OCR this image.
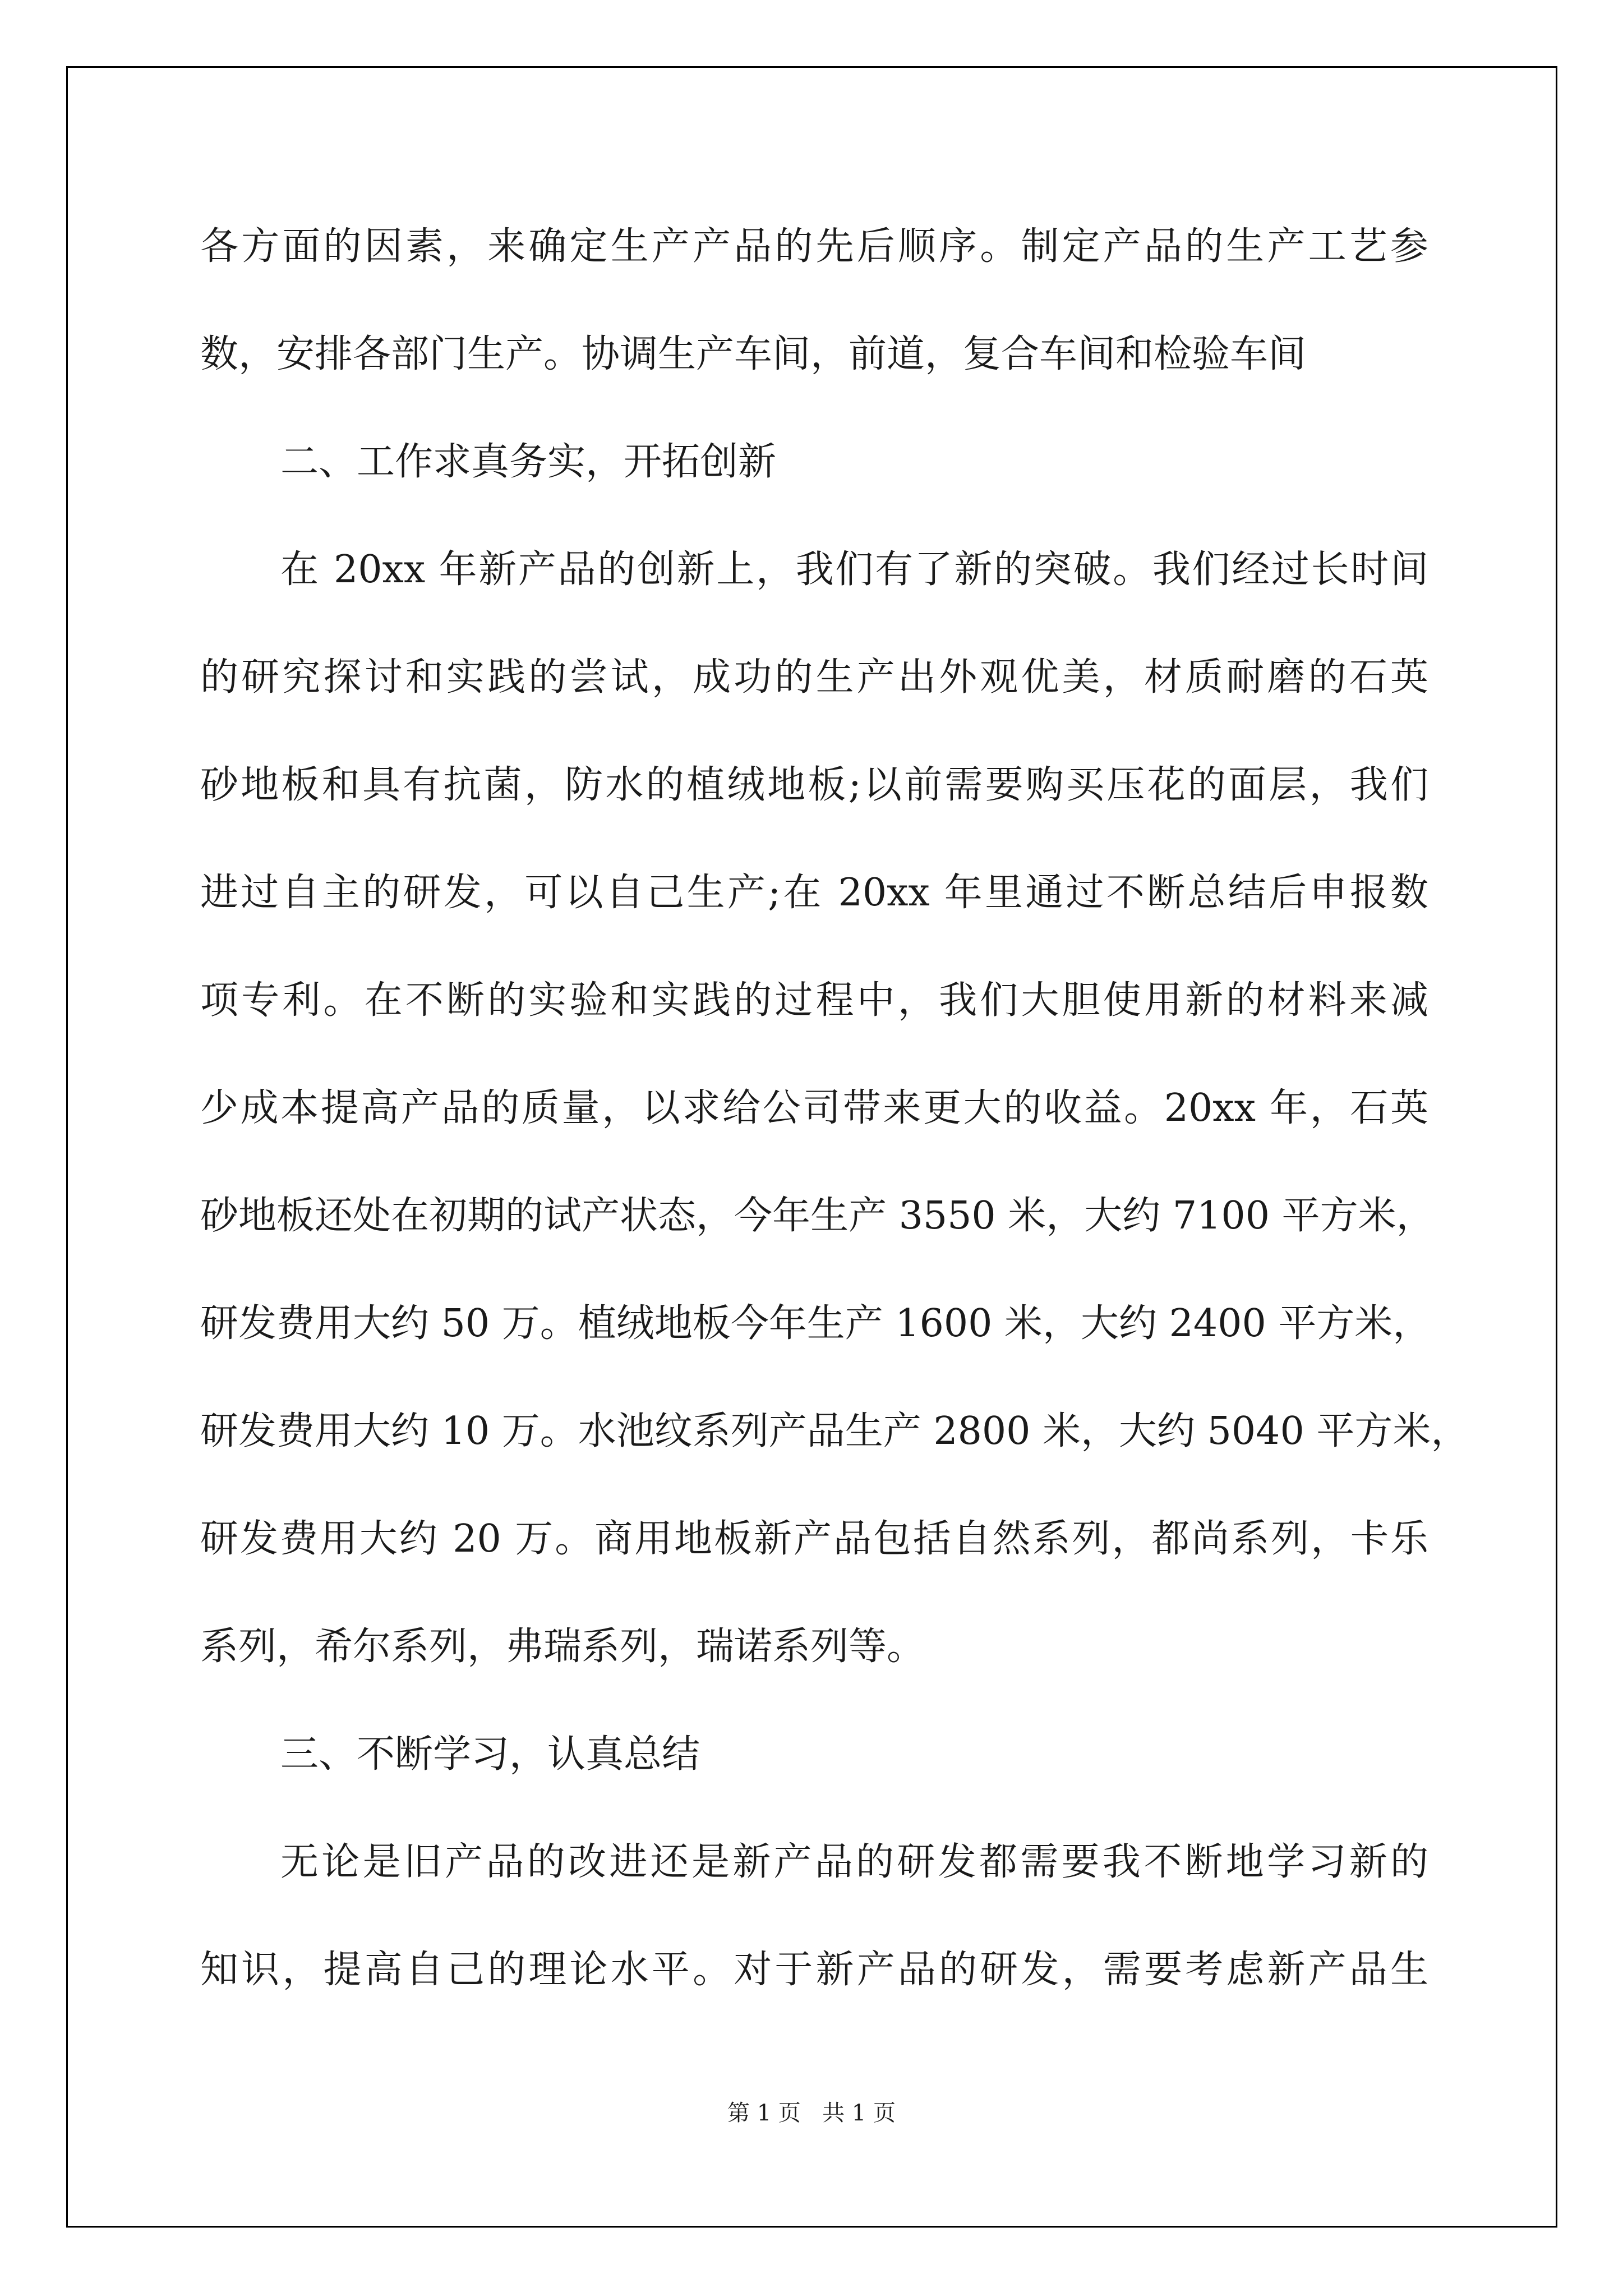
各方面的因素，来确定生产产品的先后顺序。制定产品的生产工艺参

数，安排各部门生产。协调生产车间，前道，复合车间和检验车间

二、工作求真务实，开拓创新

在 20xx 年新产品的创新上，我们有了新的突破。我们经过长时间

的研究探讨和实践的尝试，成功的生产出外观优美，材质耐磨的石英

砂地板和具有抗菌，防水的植绒地板;以前需要购买压花的面层，我们

进过自主的研发，可以自己生产;在 20xx 年里通过不断总结后申报数

项专利。在不断的实验和实践的过程中，我们大胆使用新的材料来减

少成本提高产品的质量，以求给公司带来更大的收益。20xx 年，石英

砂地板还处在初期的试产状态，今年生产 3550 米，大约 7100 平方米，

研发费用大约 50 万。植绒地板今年生产 1600 米，大约 2400 平方米，

研发费用大约 10 万。水池纹系列产品生产 2800 米，大约 5040 平方米，

研发费用大约 20 万。商用地板新产品包括自然系列，都尚系列，卡乐

系列，希尔系列，弗瑞系列，瑞诺系列等。

三、不断学习，认真总结

无论是旧产品的改进还是新产品的研发都需要我不断地学习新的

知识，提高自己的理论水平。对于新产品的研发，需要考虑新产品生

第 1 页   共 1 页
